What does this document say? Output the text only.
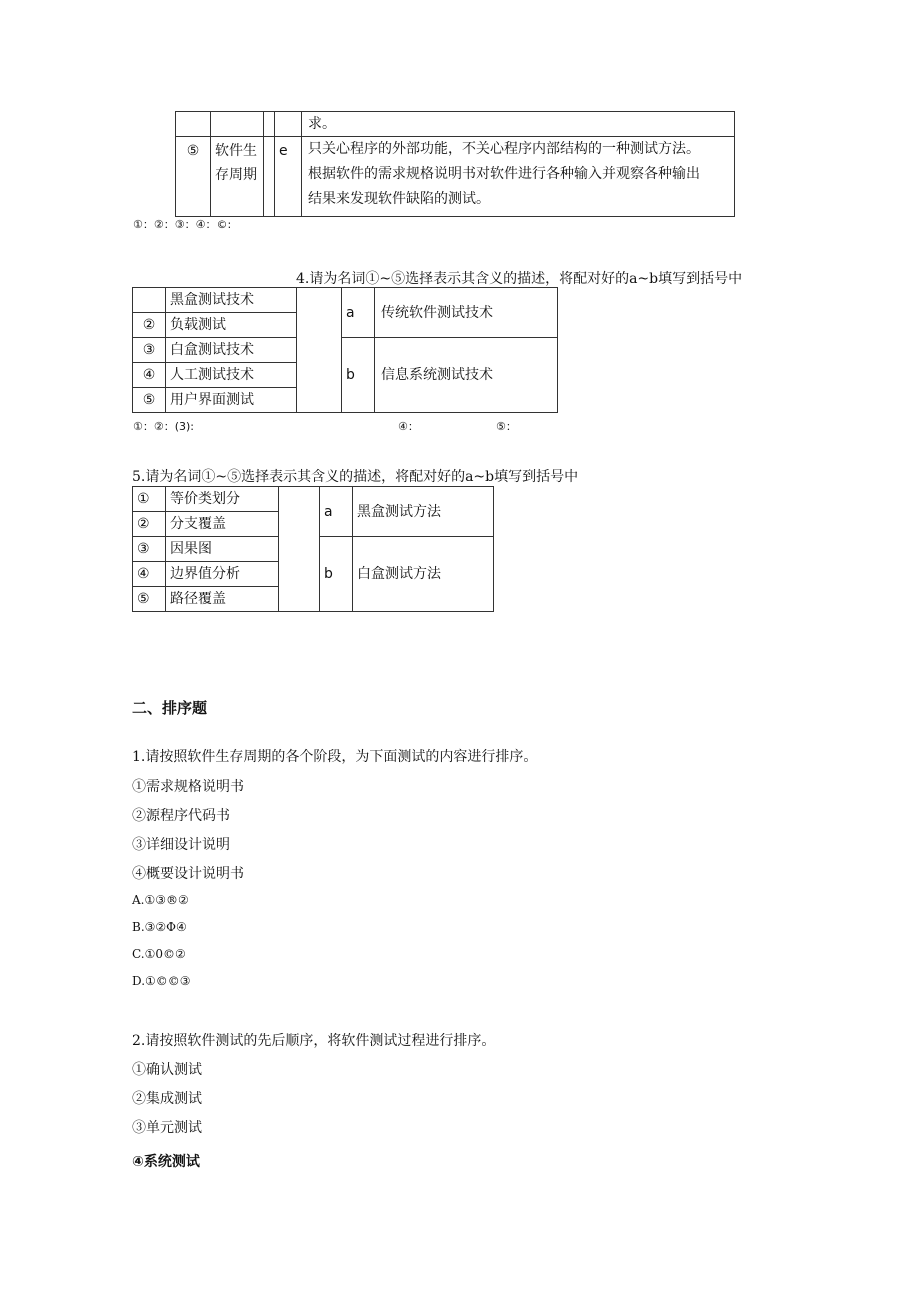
				求。
⑤	软件生存周期		e	只关心程序的外部功能，不关心程序内部结构的一种测试方法。根据软件的需求规格说明书对软件进行各种输入并观察各种输出结果来发现软件缺陷的测试。
①：②：③：④：©:
4.请为名词①~⑤选择表示其含义的描述，将配对好的a~b填写到括号中
	黑盒测试技术		a	传统软件测试技术
②	负载测试			
③	白盒测试技术		b	信息系统测试技术
④	人工测试技术			
⑤	用户界面测试			
①：②：(3):	④：	⑤：
5.请为名词①~⑤选择表示其含义的描述，将配对好的a~b填写到括号中
①	等价类划分		a	黑盒测试方法
②	分支覆盖			
③	因果图		b	白盒测试方法
④	边界值分析			
⑤	路径覆盖			
二、排序题
1.请按照软件生存周期的各个阶段，为下面测试的内容进行排序。
①需求规格说明书
②源程序代码书
③详细设计说明
④概要设计说明书
A.①③®②
B.③②Φ④
C.①0©②
D.①©©③
2.请按照软件测试的先后顺序，将软件测试过程进行排序。
①确认测试
②集成测试
③单元测试
④系统测试
